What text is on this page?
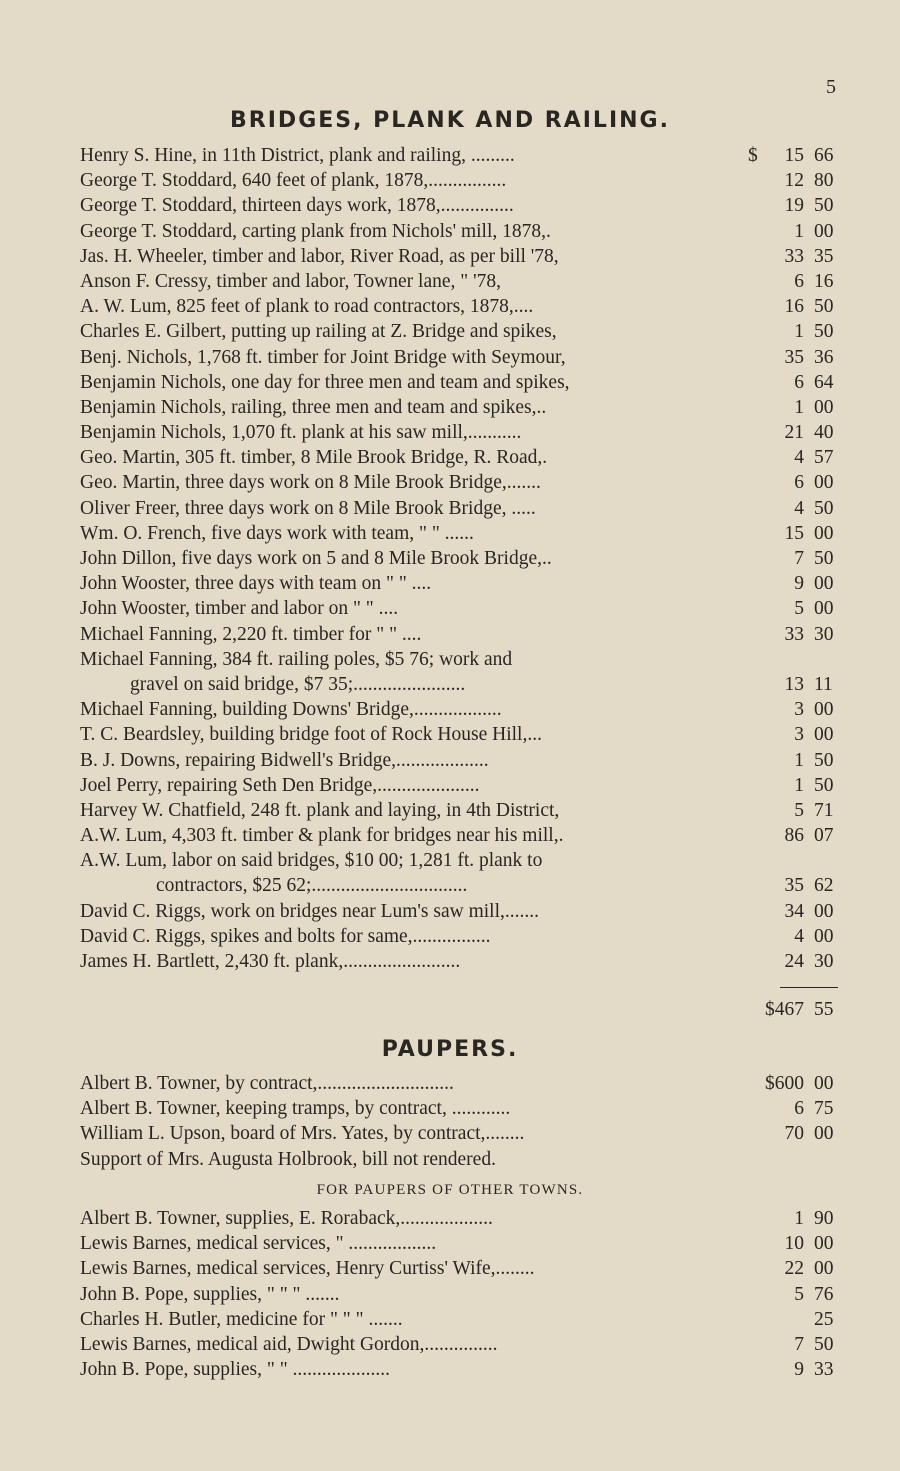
5
BRIDGES, PLANK AND RAILING.
Henry S. Hine, in 11th District, plank and railing, .........	$ 15 66
George T. Stoddard, 640 feet of plank, 1878,................	12 80
George T. Stoddard, thirteen days work, 1878,...............	19 50
George T. Stoddard, carting plank from Nichols' mill, 1878,.	1 00
Jas. H. Wheeler, timber and labor, River Road, as per bill '78,	33 35
Anson F. Cressy, timber and labor, Towner lane, " '78,	6 16
A. W. Lum, 825 feet of plank to road contractors, 1878,....	16 50
Charles E. Gilbert, putting up railing at Z. Bridge and spikes,	1 50
Benj. Nichols, 1,768 ft. timber for Joint Bridge with Seymour,	35 36
Benjamin Nichols, one day for three men and team and spikes,	6 64
Benjamin Nichols, railing, three men and team and spikes,..	1 00
Benjamin Nichols, 1,070 ft. plank at his saw mill,...........	21 40
Geo. Martin, 305 ft. timber, 8 Mile Brook Bridge, R. Road,.	4 57
Geo. Martin, three days work on 8 Mile Brook Bridge,.......	6 00
Oliver Freer, three days work on 8 Mile Brook Bridge, .....	4 50
Wm. O. French, five days work with team, " " ......	15 00
John Dillon, five days work on 5 and 8 Mile Brook Bridge,..	7 50
John Wooster, three days with team on " " ....	9 00
John Wooster, timber and labor on " " ....	5 00
Michael Fanning, 2,220 ft. timber for " " ....	33 30
Michael Fanning, 384 ft. railing poles, $5 76; work and
gravel on said bridge, $7 35;.......................	13 11
Michael Fanning, building Downs' Bridge,..................	3 00
T. C. Beardsley, building bridge foot of Rock House Hill,...	3 00
B. J. Downs, repairing Bidwell's Bridge,...................	1 50
Joel Perry, repairing Seth Den Bridge,.....................	1 50
Harvey W. Chatfield, 248 ft. plank and laying, in 4th District,	5 71
A.W. Lum, 4,303 ft. timber & plank for bridges near his mill,.	86 07
A.W. Lum, labor on said bridges, $10 00; 1,281 ft. plank to
contractors, $25 62;................................	35 62
David C. Riggs, work on bridges near Lum's saw mill,.......	34 00
David C. Riggs, spikes and bolts for same,................	4 00
James H. Bartlett, 2,430 ft. plank,........................	24 30
$467 55
PAUPERS.
Albert B. Towner, by contract,............................	$600 00
Albert B. Towner, keeping tramps, by contract, ............	6 75
William L. Upson, board of Mrs. Yates, by contract,........	70 00
Support of Mrs. Augusta Holbrook, bill not rendered.
FOR PAUPERS OF OTHER TOWNS.
Albert B. Towner, supplies, E. Roraback,...................	1 90
Lewis Barnes, medical services, " ..................	10 00
Lewis Barnes, medical services, Henry Curtiss' Wife,........	22 00
John B. Pope, supplies, " " " .......	5 76
Charles H. Butler, medicine for " " " .......	25
Lewis Barnes, medical aid, Dwight Gordon,...............	7 50
John B. Pope, supplies, " " ....................	9 33
